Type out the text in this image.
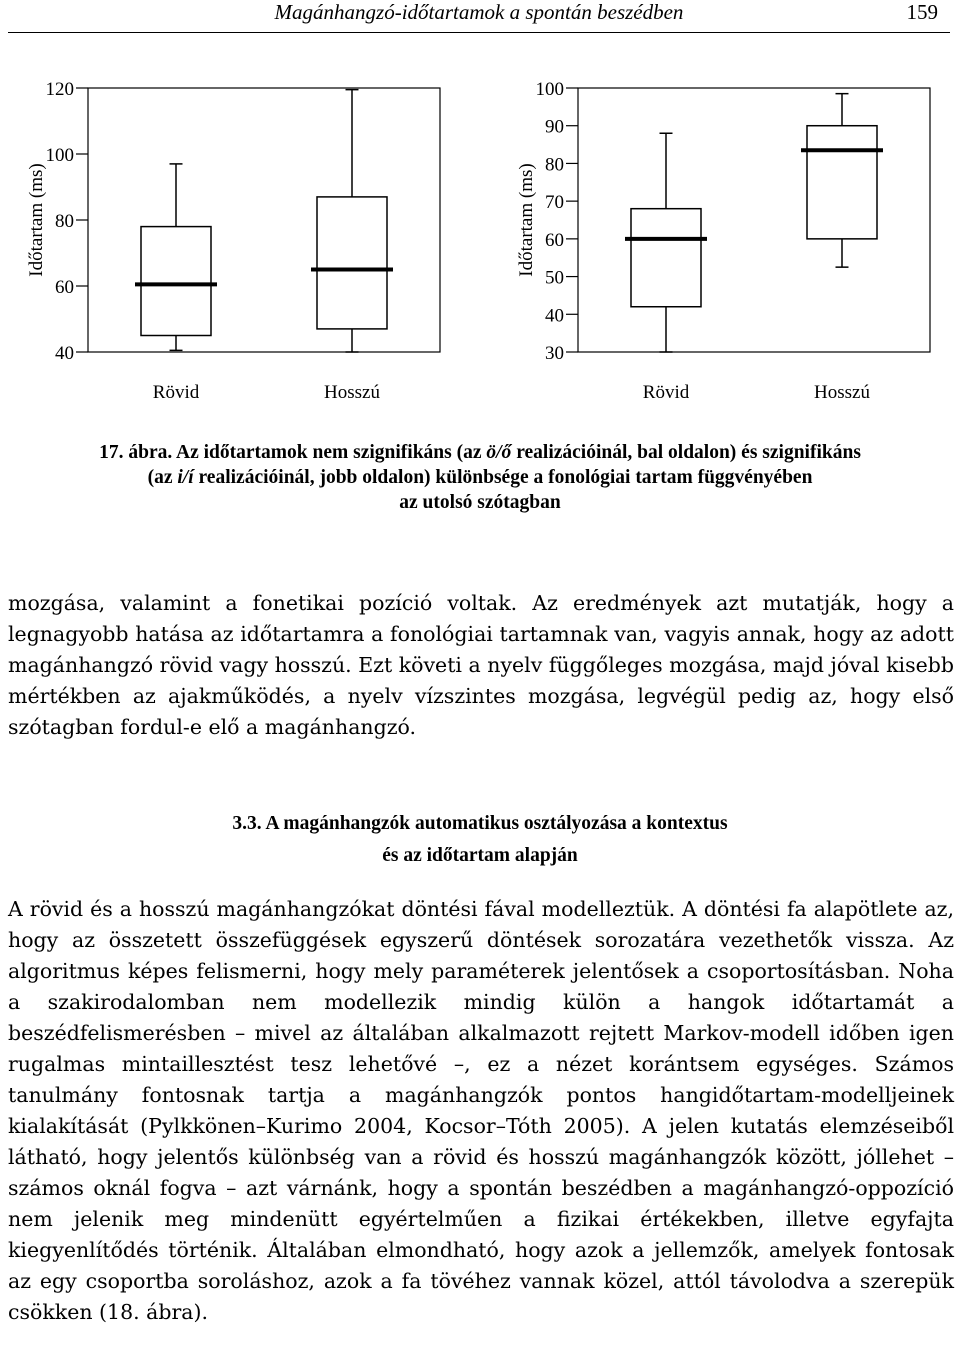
Magánhangzó-időtartamok a spontán beszédben	159
40
60
80
100
120
Időtartam (ms)
Rövid	Hosszú
30
40
50
60
70
80
90
100
Időtartam (ms)
Rövid	Hosszú

17. ábra. Az időtartamok nem szignifikáns (az ö/ő realizációinál, bal oldalon) és szignifikáns

(az i/í realizációinál, jobb oldalon) különbsége a fonológiai tartam függvényében

az utolsó szótagban

mozgása, valamint a fonetikai pozíció voltak. Az eredmények azt mutatják, hogy a legnagyobb hatása az időtartamra a fonológiai tartamnak van, vagyis annak, hogy az adott magánhangzó rövid vagy hosszú. Ezt követi a nyelv függőleges mozgása, majd jóval kisebb mértékben az ajakműködés, a nyelv vízszintes mozgása, legvégül pedig az, hogy első szótagban fordul-e elő a magánhangzó.

3.3. A magánhangzók automatikus osztályozása a kontextus

és az időtartam alapján

A rövid és a hosszú magánhangzókat döntési fával modelleztük. A döntési fa alapötlete az, hogy az összetett összefüggések egyszerű döntések sorozatára vezethetők vissza. Az algoritmus képes felismerni, hogy mely paraméterek jelentősek a csoportosításban. Noha a szakirodalomban nem modellezik mindig külön a hangok időtartamát a beszédfelismerésben – mivel az általában alkalmazott rejtett Markov-modell időben igen rugalmas mintaillesztést tesz lehetővé –, ez a nézet korántsem egységes. Számos tanulmány fontosnak tartja a magánhangzók pontos hangidőtartam-modelljeinek kialakítását (Pylkkönen–Kurimo 2004, Kocsor–Tóth 2005). A jelen kutatás elemzéseiből látható, hogy jelentős különbség van a rövid és hosszú magánhangzók között, jóllehet – számos oknál fogva – azt várnánk, hogy a spontán beszédben a magánhangzó-oppozíció nem jelenik meg mindenütt egyértelműen a fizikai értékekben, illetve egyfajta kiegyenlítődés történik. Általában elmondható, hogy azok a jellemzők, amelyek fontosak az egy csoportba soroláshoz, azok a fa tövéhez vannak közel, attól távolodva a szerepük csökken (18. ábra).
